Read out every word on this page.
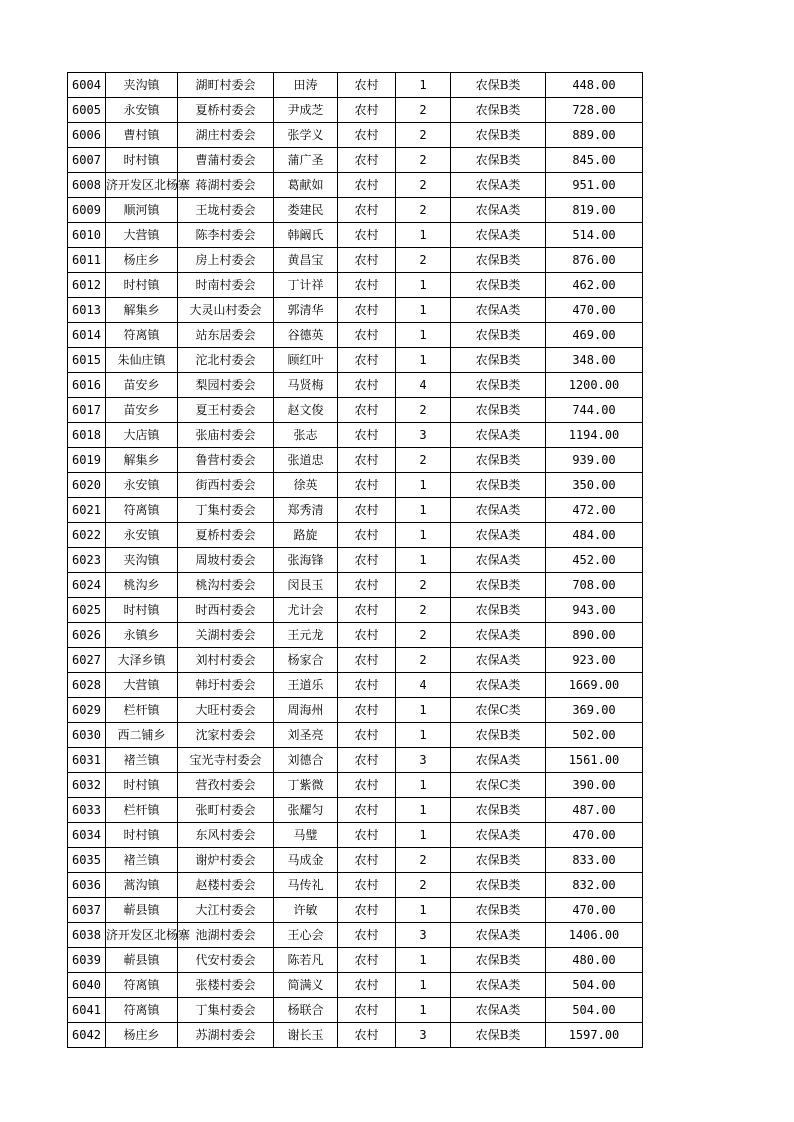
6004	夹沟镇	湖町村委会	田涛	农村	1	农保B类	448.00
6005	永安镇	夏桥村委会	尹成芝	农村	2	农保B类	728.00
6006	曹村镇	湖庄村委会	张学义	农村	2	农保B类	889.00
6007	时村镇	曹蒲村委会	蒲广圣	农村	2	农保B类	845.00
6008	济开发区北杨寨	蒋湖村委会	葛献如	农村	2	农保A类	951.00
6009	顺河镇	王垅村委会	娄建民	农村	2	农保A类	819.00
6010	大营镇	陈李村委会	韩阚氏	农村	1	农保A类	514.00
6011	杨庄乡	房上村委会	黄昌宝	农村	2	农保B类	876.00
6012	时村镇	时南村委会	丁计祥	农村	1	农保B类	462.00
6013	解集乡	大灵山村委会	郭清华	农村	1	农保A类	470.00
6014	符离镇	站东居委会	谷德英	农村	1	农保B类	469.00
6015	朱仙庄镇	沱北村委会	顾红叶	农村	1	农保B类	348.00
6016	苗安乡	梨园村委会	马贤梅	农村	4	农保B类	1200.00
6017	苗安乡	夏王村委会	赵文俊	农村	2	农保B类	744.00
6018	大店镇	张庙村委会	张志	农村	3	农保A类	1194.00
6019	解集乡	鲁营村委会	张道忠	农村	2	农保B类	939.00
6020	永安镇	街西村委会	徐英	农村	1	农保B类	350.00
6021	符离镇	丁集村委会	郑秀清	农村	1	农保A类	472.00
6022	永安镇	夏桥村委会	路旋	农村	1	农保A类	484.00
6023	夹沟镇	周坡村委会	张海锋	农村	1	农保A类	452.00
6024	桃沟乡	桃沟村委会	闵艮玉	农村	2	农保B类	708.00
6025	时村镇	时西村委会	尤计会	农村	2	农保B类	943.00
6026	永镇乡	关湖村委会	王元龙	农村	2	农保A类	890.00
6027	大泽乡镇	刘村村委会	杨家合	农村	2	农保A类	923.00
6028	大营镇	韩圩村委会	王道乐	农村	4	农保A类	1669.00
6029	栏杆镇	大旺村委会	周海州	农村	1	农保C类	369.00
6030	西二铺乡	沈家村委会	刘圣亮	农村	1	农保B类	502.00
6031	褚兰镇	宝光寺村委会	刘德合	农村	3	农保A类	1561.00
6032	时村镇	营孜村委会	丁紫微	农村	1	农保C类	390.00
6033	栏杆镇	张町村委会	张耀匀	农村	1	农保B类	487.00
6034	时村镇	东风村委会	马璧	农村	1	农保A类	470.00
6035	褚兰镇	谢炉村委会	马成金	农村	2	农保B类	833.00
6036	蒿沟镇	赵楼村委会	马传礼	农村	2	农保B类	832.00
6037	蕲县镇	大江村委会	许敏	农村	1	农保B类	470.00
6038	济开发区北杨寨	池湖村委会	王心会	农村	3	农保A类	1406.00
6039	蕲县镇	代安村委会	陈若凡	农村	1	农保B类	480.00
6040	符离镇	张楼村委会	简满义	农村	1	农保A类	504.00
6041	符离镇	丁集村委会	杨联合	农村	1	农保A类	504.00
6042	杨庄乡	苏湖村委会	谢长玉	农村	3	农保B类	1597.00
